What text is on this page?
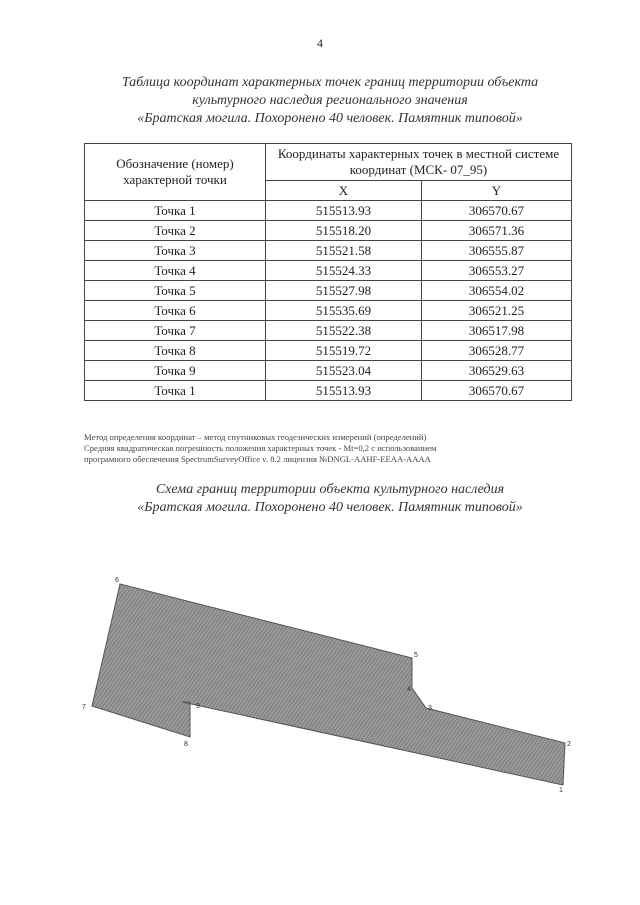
4
Таблица координат характерных точек границ территории объекта
культурного наследия регионального значения
«Братская могила. Похоронено 40 человек. Памятник типовой»
Обозначение (номер) характерной точки	Координаты характерных точек в местной системе координат (МСК- 07_95)	
	X	Y
Точка 1	515513.93	306570.67
Точка 2	515518.20	306571.36
Точка 3	515521.58	306555.87
Точка 4	515524.33	306553.27
Точка 5	515527.98	306554.02
Точка 6	515535.69	306521.25
Точка 7	515522.38	306517.98
Точка 8	515519.72	306528.77
Точка 9	515523.04	306529.63
Точка 1	515513.93	306570.67
Метод определения координат – метод спутниковых геодезических измерений (определений)
Средняя квадратическая погрешность положения характерных точек - Mt=0,2 с использованием
програмного обеспечения SpectrumSurveyOffice v. 8.2 лицензия №DNGL-AAHF-EEAA-AAAA
Схема границ территории объекта культурного наследия
«Братская могила. Похоронено 40 человек. Памятник типовой»
6
5
4
3
2
1
9
8
7
